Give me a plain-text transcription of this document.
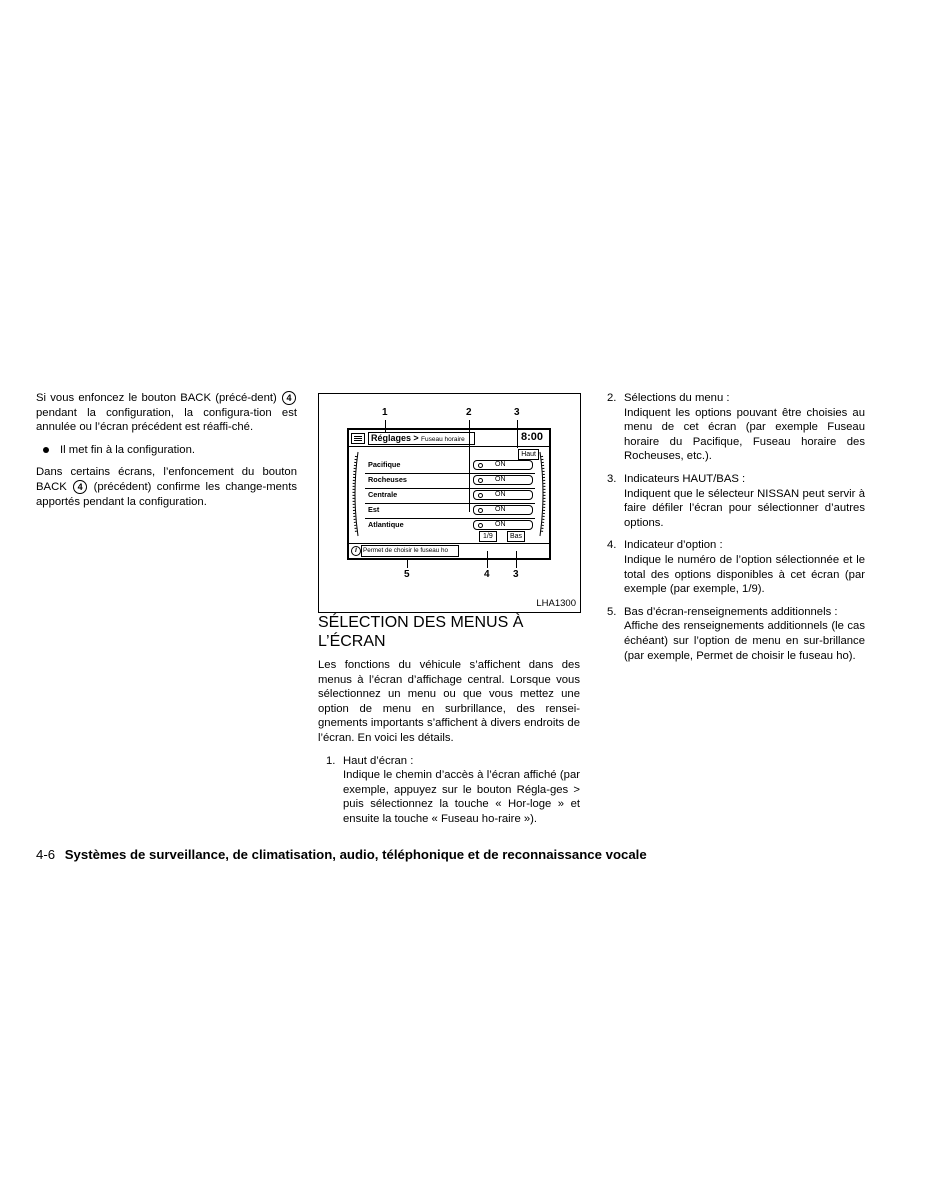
Si vous enfoncez le bouton BACK (précé-dent) 4 pendant la configuration, la configura-tion est annulée ou l’écran précédent est réaffi-ché.

Il met fin à la configuration.

Dans certains écrans, l’enfoncement du bouton BACK 4 (précédent) confirme les change-ments apportés pendant la configuration.

1	2	3
Réglages > Fuseau horaire	8:00
Haut
Pacifique	ON
Rocheuses	ON
Centrale	ON
Est	ON
Atlantique	ON
1/9	Bas
i Permet de choisir le fuseau ho
5	4 3
LHA1300
SÉLECTION DES MENUS À
L’ÉCRAN

Les fonctions du véhicule s’affichent dans des menus à l’écran d’affichage central. Lorsque vous sélectionnez un menu ou que vous mettez une option de menu en surbrillance, des rensei-gnements importants s’affichent à divers endroits de l’écran. En voici les détails.

1. Haut d’écran :
Indique le chemin d’accès à l’écran affiché (par exemple, appuyez sur le bouton Régla-ges > puis sélectionnez la touche « Hor-loge » et ensuite la touche « Fuseau ho-raire »).
2. Sélections du menu :
Indiquent les options pouvant être choisies au menu de cet écran (par exemple Fuseau horaire du Pacifique, Fuseau horaire des Rocheuses, etc.).
3. Indicateurs HAUT/BAS :
Indiquent que le sélecteur NISSAN peut servir à faire défiler l’écran pour sélectionner d’autres options.
4. Indicateur d’option :
Indique le numéro de l’option sélectionnée et le total des options disponibles à cet écran (par exemple (par exemple, 1/9).
5. Bas d’écran-renseignements additionnels :
Affiche des renseignements additionnels (le cas échéant) sur l’option de menu en sur-brillance (par exemple, Permet de choisir le fuseau ho).
4-6 Systèmes de surveillance, de climatisation, audio, téléphonique et de reconnaissance vocale
